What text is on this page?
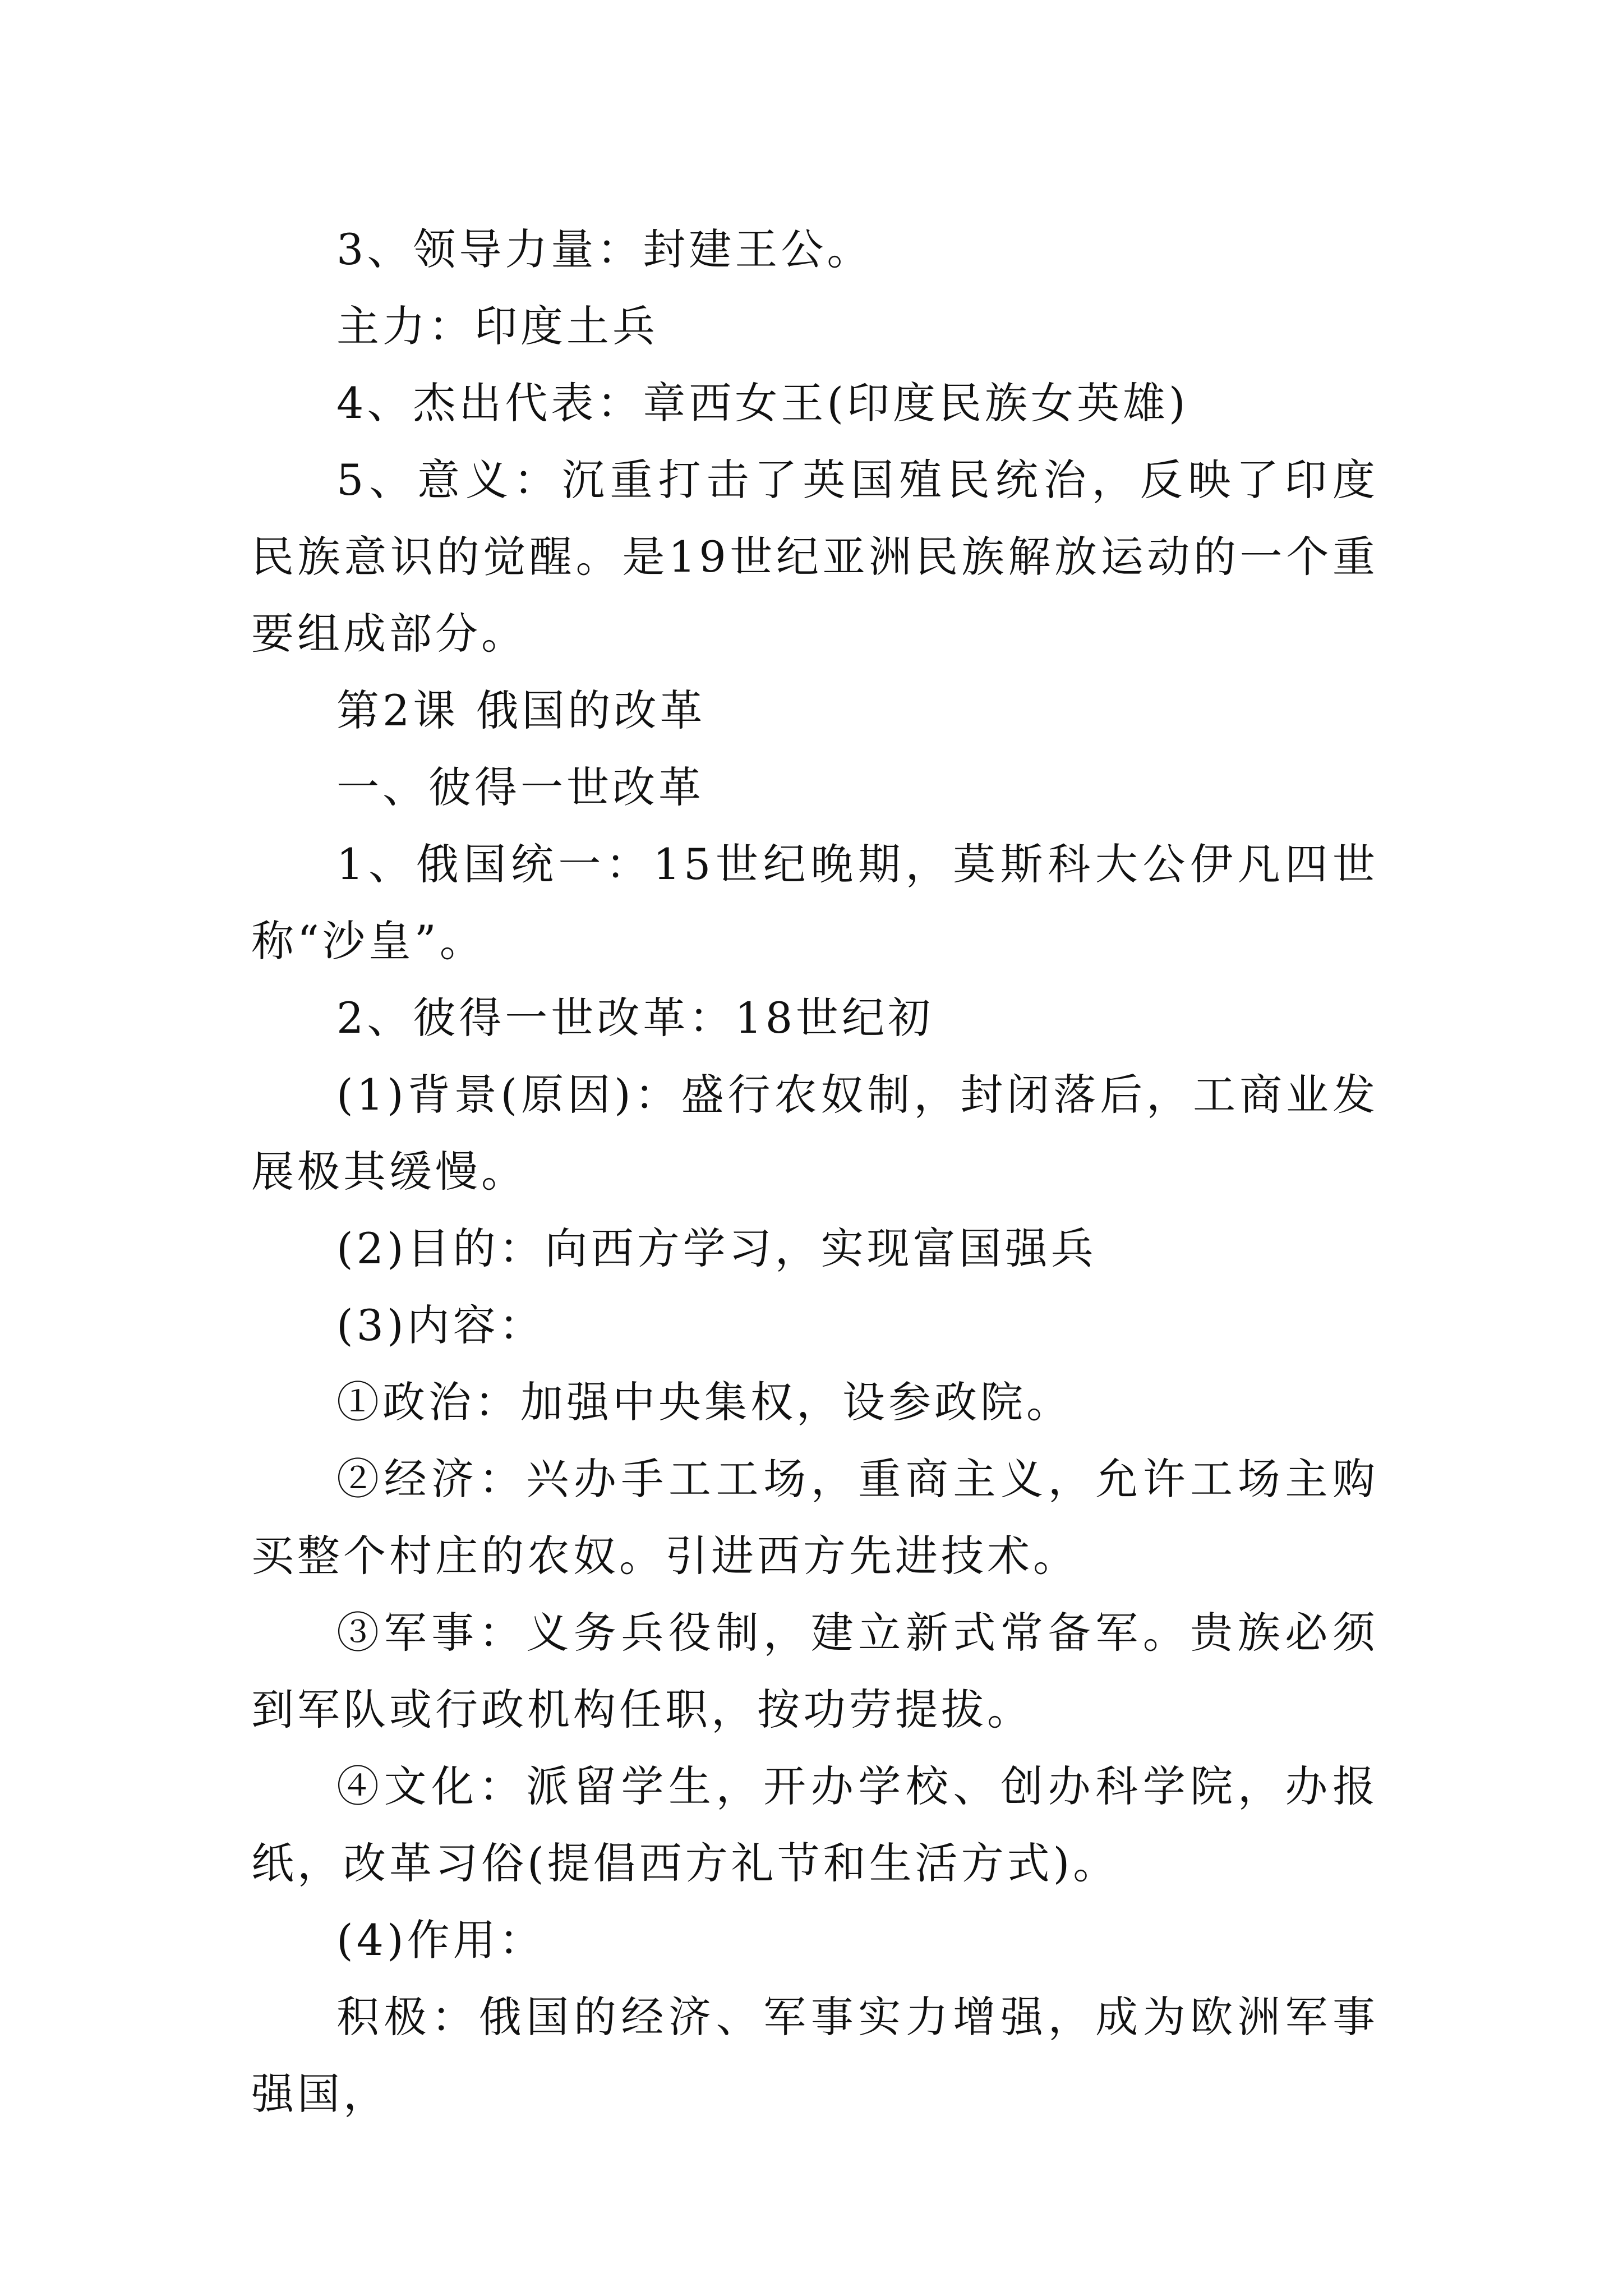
3、领导力量：封建王公。

主力：印度土兵

4、杰出代表：章西女王(印度民族女英雄)

5、意义：沉重打击了英国殖民统治，反映了印度民族意识的觉醒。是19世纪亚洲民族解放运动的一个重要组成部分。

第2课 俄国的改革

一、彼得一世改革

1、俄国统一：15世纪晚期，莫斯科大公伊凡四世称“沙皇”。

2、彼得一世改革：18世纪初

(1)背景(原因)：盛行农奴制，封闭落后，工商业发展极其缓慢。

(2)目的：向西方学习，实现富国强兵

(3)内容：

①政治：加强中央集权，设参政院。

②经济：兴办手工工场，重商主义，允许工场主购买整个村庄的农奴。引进西方先进技术。

③军事：义务兵役制，建立新式常备军。贵族必须到军队或行政机构任职，按功劳提拔。

④文化：派留学生，开办学校、创办科学院，办报纸，改革习俗(提倡西方礼节和生活方式)。

(4)作用：

积极：俄国的经济、军事实力增强，成为欧洲军事强国，
